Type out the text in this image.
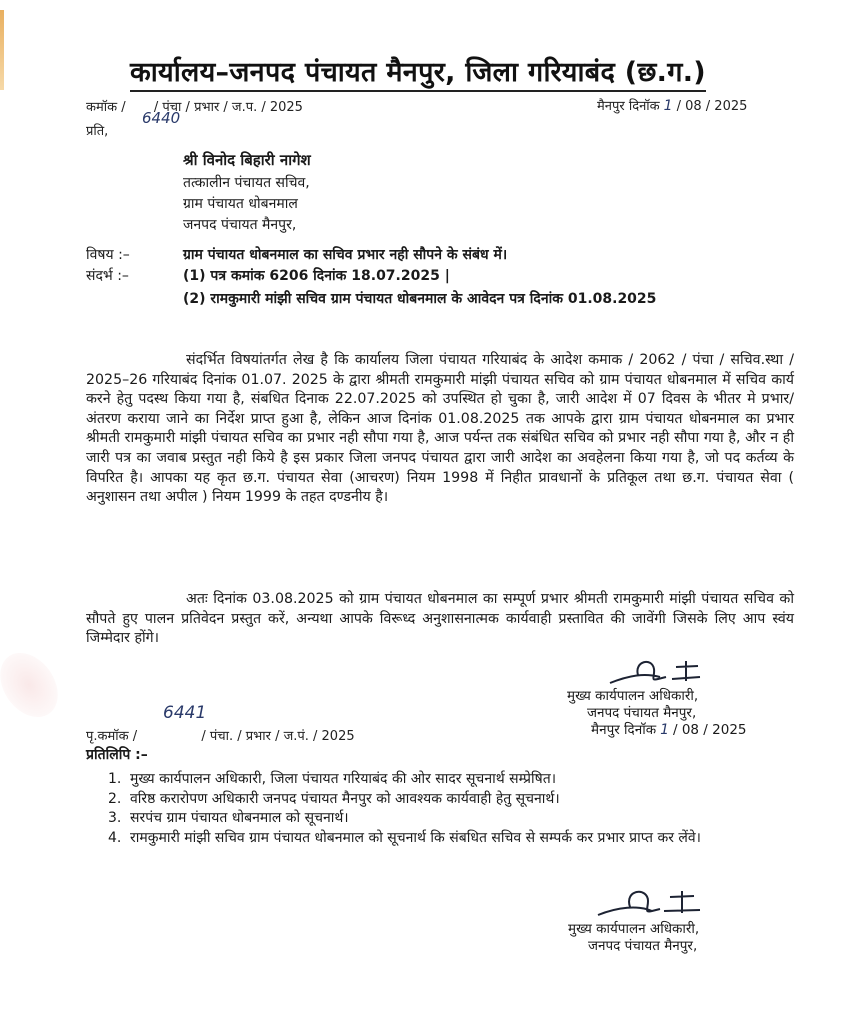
कार्यालय–जनपद पंचायत मैनपुर, जिला गरियाबंद (छ.ग.)
कमॉक / / पंचा / प्रभार / ज.प. / 2025
6440
मैनपुर दिनॉक 1 / 08 / 2025
प्रति,
श्री विनोद बिहारी नागेश
तत्कालीन पंचायत सचिव,
ग्राम पंचायत धोबनमाल
जनपद पंचायत मैनपुर,
विषय :–	ग्राम पंचायत धोबनमाल का सचिव प्रभार नही सौपने के संबंध में।
संदर्भ :–	(1) पत्र कमांक 6206 दिनांक 18.07.2025 |
(2) रामकुमारी मांझी सचिव ग्राम पंचायत धोबनमाल के आवेदन पत्र दिनांक 01.08.2025
संदर्भित विषयांतर्गत लेख है कि कार्यालय जिला पंचायत गरियाबंद के आदेश कमाक / 2062 / पंचा / सचिव.स्था / 2025–26 गरियाबंद दिनांक 01.07. 2025 के द्वारा श्रीमती रामकुमारी मांझी पंचायत सचिव को ग्राम पंचायत धोबनमाल में सचिव कार्य करने हेतु पदस्थ किया गया है, संबधित दिनाक 22.07.2025 को उपस्थित हो चुका है, जारी आदेश में 07 दिवस के भीतर मे प्रभार/अंतरण कराया जाने का निर्देश प्राप्त हुआ है, लेकिन आज दिनांक 01.08.2025 तक आपके द्वारा ग्राम पंचायत धोबनमाल का प्रभार श्रीमती रामकुमारी मांझी पंचायत सचिव का प्रभार नही सौपा गया है, आज पर्यन्त तक संबंधित सचिव को प्रभार नही सौपा गया है, और न ही जारी पत्र का जवाब प्रस्तुत नही किये है इस प्रकार जिला जनपद पंचायत द्वारा जारी आदेश का अवहेलना किया गया है, जो पद कर्तव्य के विपरित है। आपका यह कृत छ.ग. पंचायत सेवा (आचरण) नियम 1998 में निहीत प्रावधानों के प्रतिकूल तथा छ.ग. पंचायत सेवा ( अनुशासन तथा अपील ) नियम 1999 के तहत दण्डनीय है।
अतः दिनांक 03.08.2025 को ग्राम पंचायत धोबनमाल का सम्पूर्ण प्रभार श्रीमती रामकुमारी मांझी पंचायत सचिव को सौपते हुए पालन प्रतिवेदन प्रस्तुत करें, अन्यथा आपके विरूध्द अनुशासनात्मक कार्यवाही प्रस्तावित की जावेंगी जिसके लिए आप स्वंय जिम्मेदार होंगे।
मुख्य कार्यपालन अधिकारी,
जनपद पंचायत मैनपुर,
मैनपुर दिनॉक 1 / 08 / 2025
6441
पृ.कमॉक /	/ पंचा. / प्रभार / ज.पं. / 2025
प्रतिलिपि :–
1. मुख्य कार्यपालन अधिकारी, जिला पंचायत गरियाबंद की ओर सादर सूचनार्थ सम्प्रेषित।
2. वरिष्ठ करारोपण अधिकारी जनपद पंचायत मैनपुर को आवश्यक कार्यवाही हेतु सूचनार्थ।
3. सरपंच ग्राम पंचायत धोबनमाल को सूचनार्थ।
4. रामकुमारी मांझी सचिव ग्राम पंचायत धोबनमाल को सूचनार्थ कि संबधित सचिव से सम्पर्क कर प्रभार प्राप्त कर लेंवे।
मुख्य कार्यपालन अधिकारी,
जनपद पंचायत मैनपुर,
